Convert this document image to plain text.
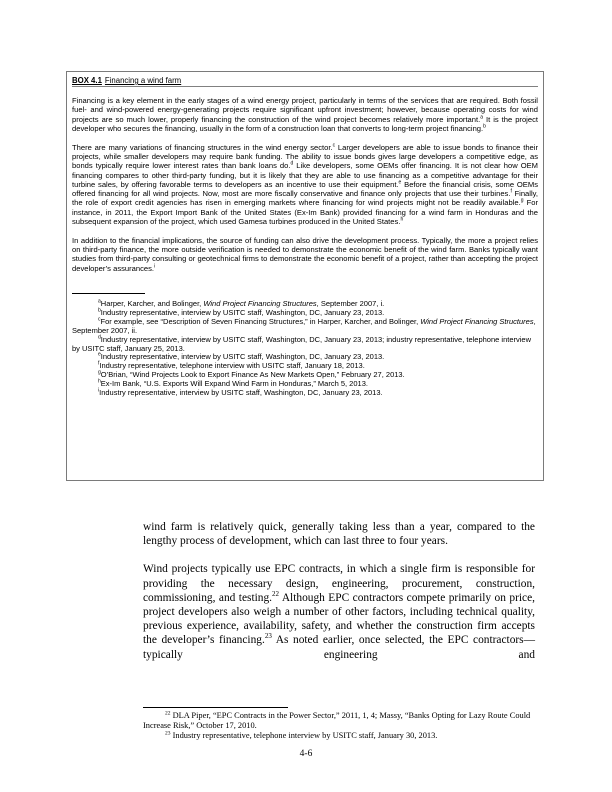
BOX 4.1 Financing a wind farm

Financing is a key element in the early stages of a wind energy project, particularly in terms of the services that are required. Both fossil fuel- and wind-powered energy-generating projects require significant upfront investment; however, because operating costs for wind projects are so much lower, properly financing the construction of the wind project becomes relatively more important.$^a$ It is the project developer who secures the financing, usually in the form of a construction loan that converts to long-term project financing.$^b$

There are many variations of financing structures in the wind energy sector.$^c$ Larger developers are able to issue bonds to finance their projects, while smaller developers may require bank funding. The ability to issue bonds gives large developers a competitive edge, as bonds typically require lower interest rates than bank loans do.$^d$ Like developers, some OEMs offer financing. It is not clear how OEM financing compares to other third-party funding, but it is likely that they are able to use financing as a competitive advantage for their turbine sales, by offering favorable terms to developers as an incentive to use their equipment.$^e$ Before the financial crisis, some OEMs offered financing for all wind projects. Now, most are more fiscally conservative and finance only projects that use their turbines.$^f$ Finally, the role of export credit agencies has risen in emerging markets where financing for wind projects might not be readily available.$^g$ For instance, in 2011, the Export Import Bank of the United States (Ex-Im Bank) provided financing for a wind farm in Honduras and the subsequent expansion of the project, which used Gamesa turbines produced in the United States.$^h$

In addition to the financial implications, the source of funding can also drive the development process. Typically, the more a project relies on third-party finance, the more outside verification is needed to demonstrate the economic benefit of the wind farm. Banks typically want studies from third-party consulting or geotechnical firms to demonstrate the economic benefit of a project, rather than accepting the project developer’s assurances.$^i$

$^a$Harper, Karcher, and Bolinger, Wind Project Financing Structures, September 2007, i.

$^b$Industry representative, interview by USITC staff, Washington, DC, January 23, 2013.

$^c$For example, see “Description of Seven Financing Structures,” in Harper, Karcher, and Bolinger, Wind Project Financing Structures, September 2007, ii.

$^d$Industry representative, interview by USITC staff, Washington, DC, January 23, 2013; industry representative, telephone interview by USITC staff, January 25, 2013.

$^e$Industry representative, interview by USITC staff, Washington, DC, January 23, 2013.

$^f$Industry representative, telephone interview with USITC staff, January 18, 2013.

$^g$O’Brian, “Wind Projects Look to Export Finance As New Markets Open,” February 27, 2013.

$^h$Ex-Im Bank, “U.S. Exports Will Expand Wind Farm in Honduras,” March 5, 2013.

$^i$Industry representative, interview by USITC staff, Washington, DC, January 23, 2013.

wind farm is relatively quick, generally taking less than a year, compared to the lengthy process of development, which can last three to four years.

Wind projects typically use EPC contracts, in which a single firm is responsible for providing the necessary design, engineering, procurement, construction, commissioning, and testing.$^{22}$ Although EPC contractors compete primarily on price, project developers also weigh a number of other factors, including technical quality, previous experience, availability, safety, and whether the construction firm accepts the developer’s financing.$^{23}$ As noted earlier, once selected, the EPC contractors—typically engineering and

$^{22}$ DLA Piper, “EPC Contracts in the Power Sector,” 2011, 1, 4; Massy, “Banks Opting for Lazy Route Could Increase Risk,” October 17, 2010.

$^{23}$ Industry representative, telephone interview by USITC staff, January 30, 2013.

4-6
